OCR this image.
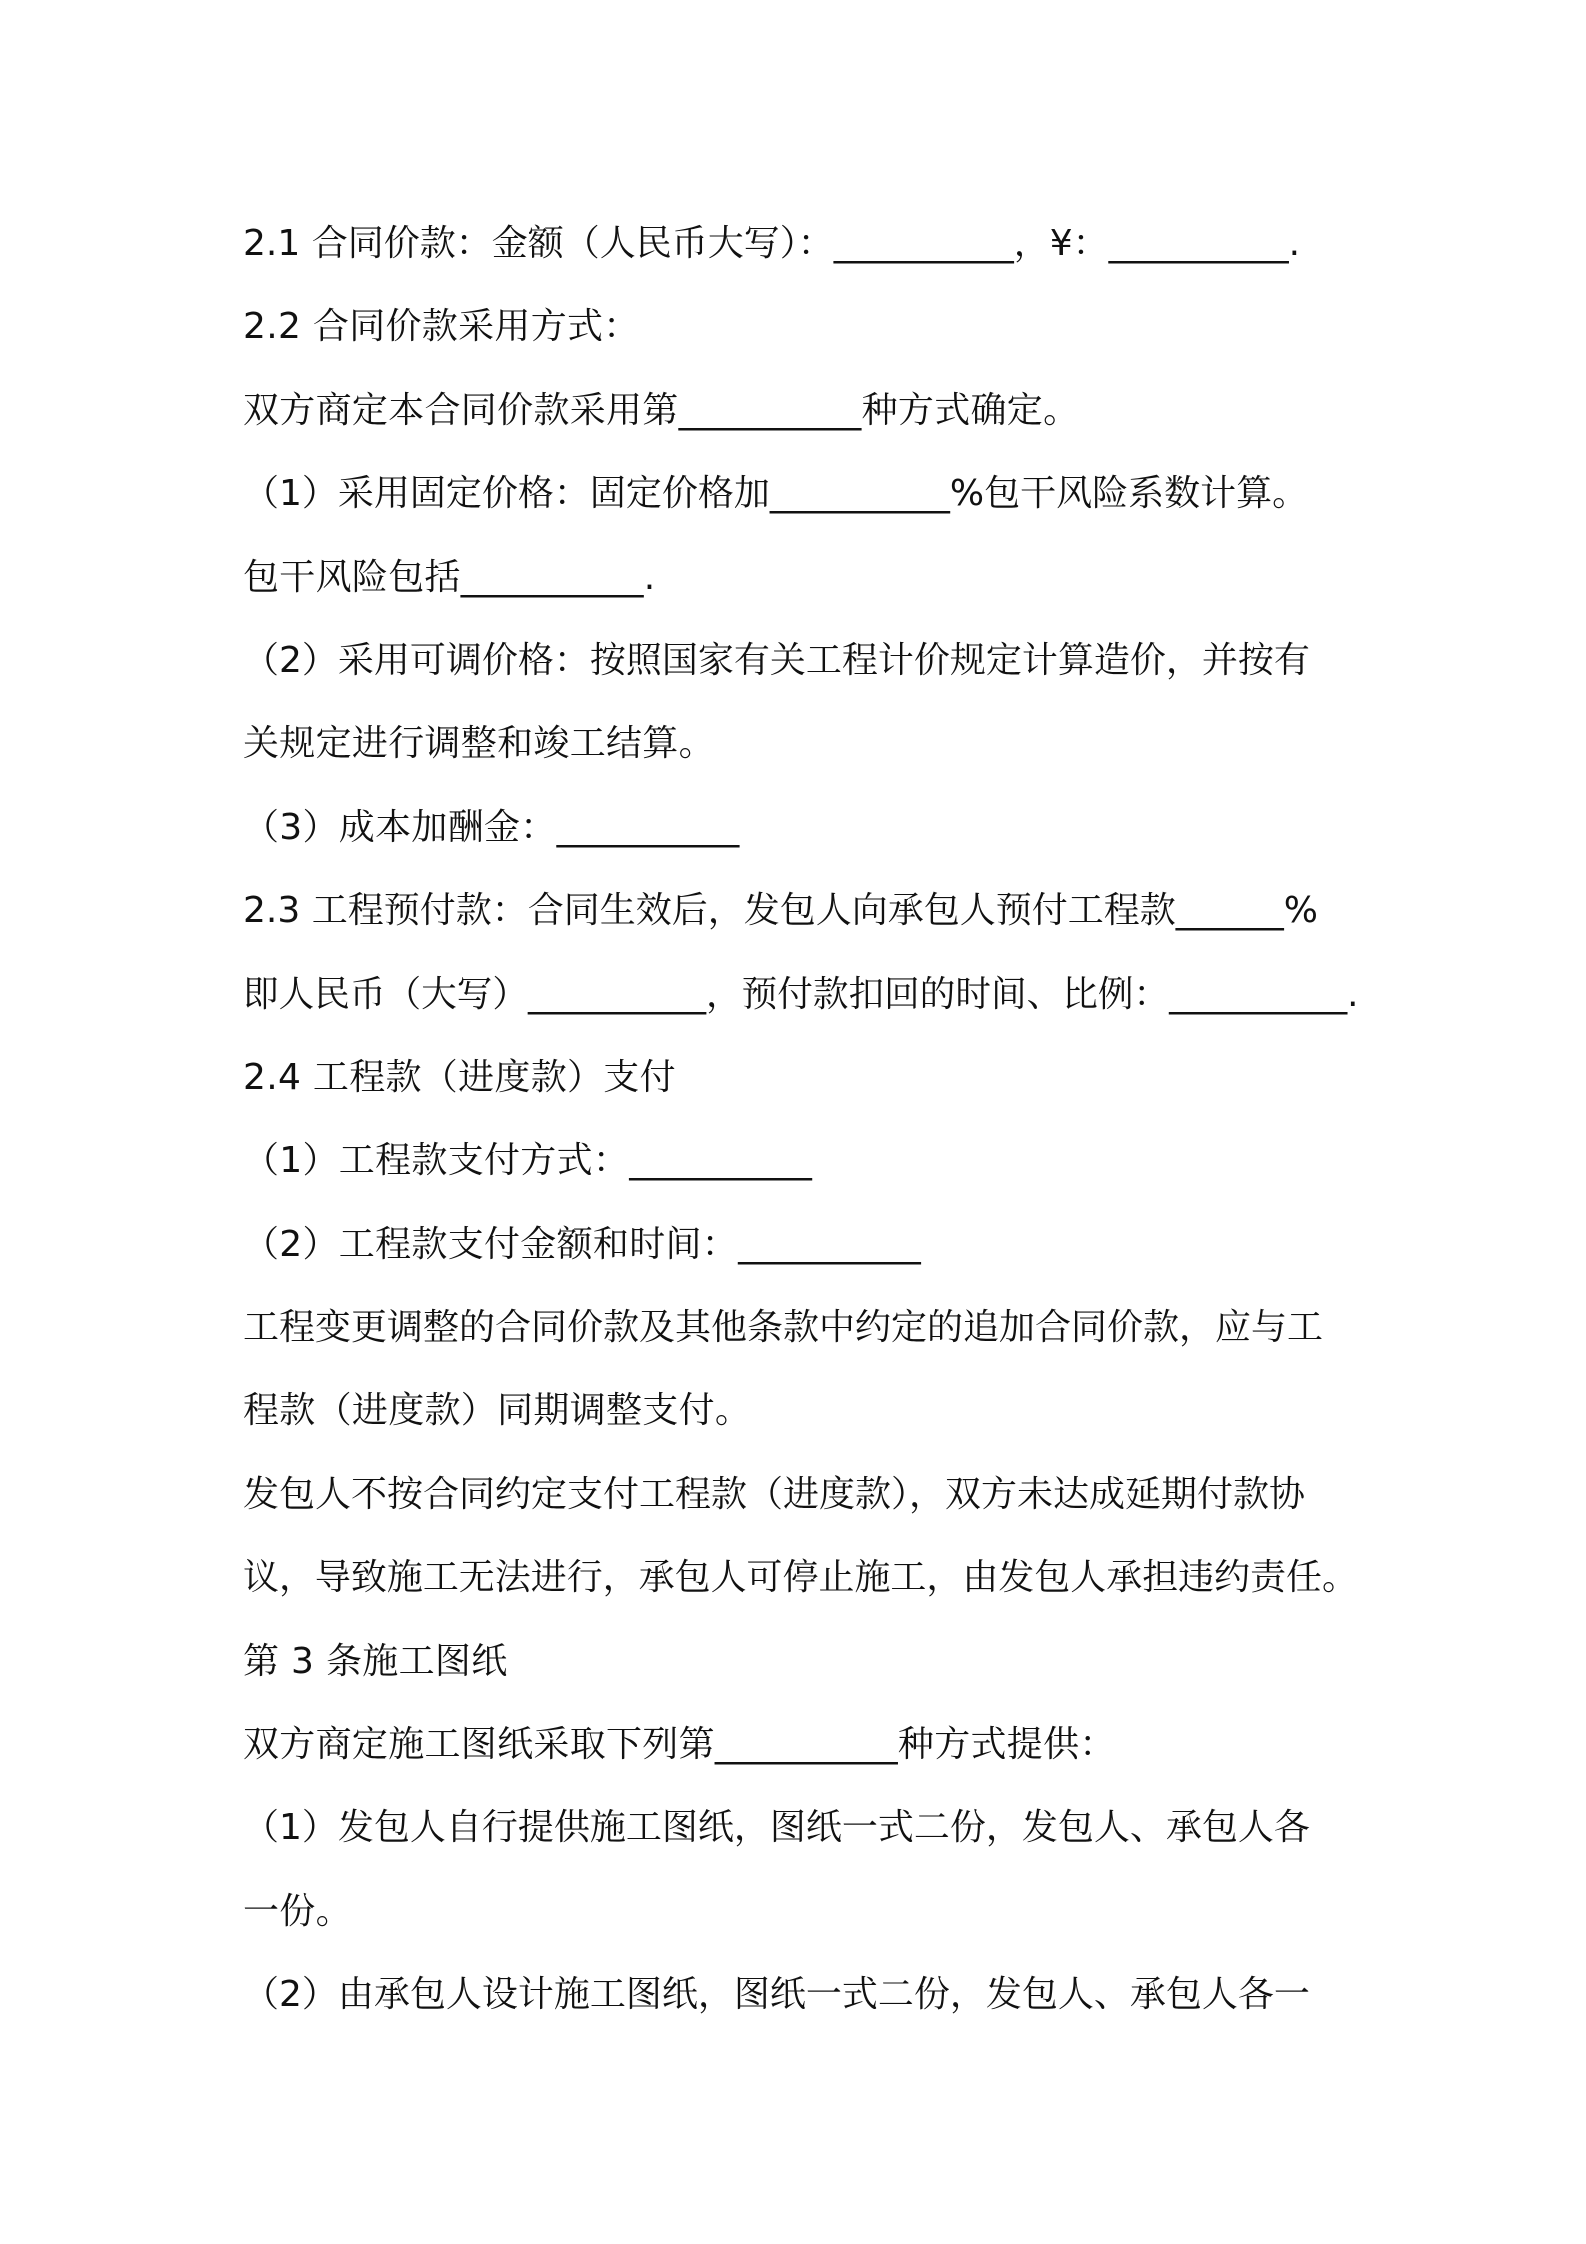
2.1 合同价款：金额（人民币大写）：__________，¥：__________.
2.2 合同价款采用方式：
双方商定本合同价款采用第__________种方式确定。
（1）采用固定价格：固定价格加__________%包干风险系数计算。
包干风险包括__________.
（2）采用可调价格：按照国家有关工程计价规定计算造价，并按有
关规定进行调整和竣工结算。
（3）成本加酬金：__________
2.3 工程预付款：合同生效后，发包人向承包人预付工程款______%
即人民币（大写）__________，预付款扣回的时间、比例：__________.
2.4 工程款（进度款）支付
（1）工程款支付方式：__________
（2）工程款支付金额和时间：__________
工程变更调整的合同价款及其他条款中约定的追加合同价款，应与工
程款（进度款）同期调整支付。
发包人不按合同约定支付工程款（进度款），双方未达成延期付款协
议，导致施工无法进行，承包人可停止施工，由发包人承担违约责任。
第 3 条施工图纸
双方商定施工图纸采取下列第__________种方式提供：
（1）发包人自行提供施工图纸，图纸一式二份，发包人、承包人各
一份。
（2）由承包人设计施工图纸，图纸一式二份，发包人、承包人各一
